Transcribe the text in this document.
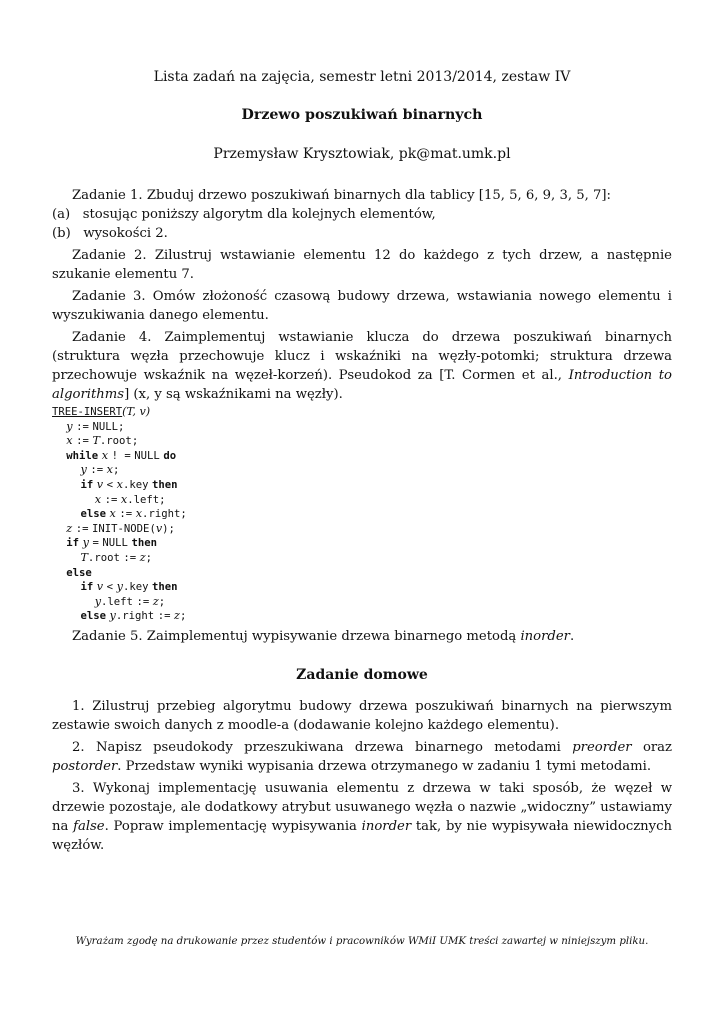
Lista zadań na zajęcia, semestr letni 2013/2014, zestaw IV
Drzewo poszukiwań binarnych
Przemysław Krysztowiak, pk@mat.umk.pl

Zadanie 1. Zbuduj drzewo poszukiwań binarnych dla tablicy [15, 5, 6, 9, 3, 5, 7]:

(a) stosując poniższy algorytm dla kolejnych elementów,

(b) wysokości 2.

Zadanie 2. Zilustruj wstawianie elementu 12 do każdego z tych drzew, a następnie szukanie elementu 7.

Zadanie 3. Omów złożoność czasową budowy drzewa, wstawiania nowego elementu i wyszukiwania danego elementu.

Zadanie 4. Zaimplementuj wstawianie klucza do drzewa poszukiwań binarnych (struktura węzła przechowuje klucz i wskaźniki na węzły-potomki; struktura drzewa przechowuje wskaźnik na węzeł-korzeń). Pseudokod za [T. Cormen et al., Introduction to algorithms] (x, y są wskaźnikami na węzły).

TREE-INSERT(T, v)
y := NULL;
x := T.root;
while x ! = NULL do
y := x;
if v < x.key then
x := x.left;
else x := x.right;
z := INIT-NODE(v);
if y = NULL then
T.root := z;
else
if v < y.key then
y.left := z;
else y.right := z;

Zadanie 5. Zaimplementuj wypisywanie drzewa binarnego metodą inorder.

Zadanie domowe

1. Zilustruj przebieg algorytmu budowy drzewa poszukiwań binarnych na pierwszym zestawie swoich danych z moodle-a (dodawanie kolejno każdego elementu).

2. Napisz pseudokody przeszukiwana drzewa binarnego metodami preorder oraz postorder. Przedstaw wyniki wypisania drzewa otrzymanego w zadaniu 1 tymi metodami.

3. Wykonaj implementację usuwania elementu z drzewa w taki sposób, że węzeł w drzewie pozostaje, ale dodatkowy atrybut usuwanego węzła o nazwie „widoczny” ustawiamy na false. Popraw implementację wypisywania inorder tak, by nie wypisywała niewidocznych węzłów.

Wyrażam zgodę na drukowanie przez studentów i pracowników WMiI UMK treści zawartej w niniejszym pliku.
